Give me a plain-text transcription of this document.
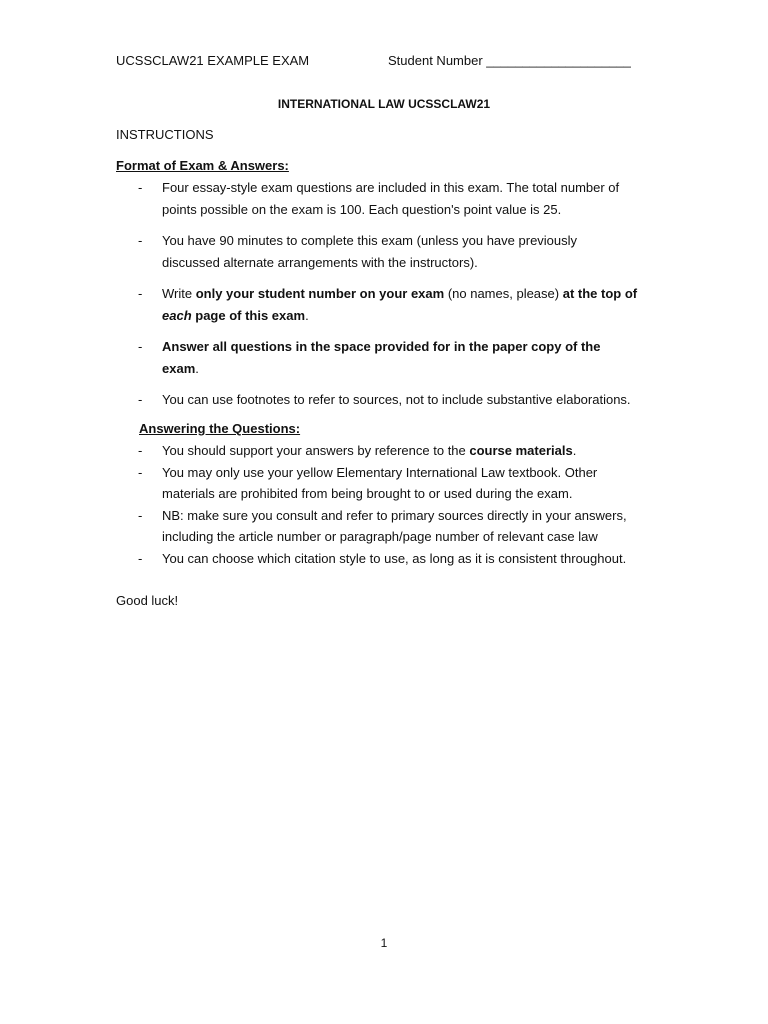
UCSSCLAW21 EXAMPLE EXAM	Student Number ____________________
INTERNATIONAL LAW UCSSCLAW21
INSTRUCTIONS
Format of Exam & Answers:
- Four essay-style exam questions are included in this exam. The total number of points possible on the exam is 100. Each question's point value is 25.
- You have 90 minutes to complete this exam (unless you have previously discussed alternate arrangements with the instructors).
- Write only your student number on your exam (no names, please) at the top of each page of this exam.
- Answer all questions in the space provided for in the paper copy of the exam.
- You can use footnotes to refer to sources, not to include substantive elaborations.
Answering the Questions:
- You should support your answers by reference to the course materials.
- You may only use your yellow Elementary International Law textbook. Other materials are prohibited from being brought to or used during the exam.
- NB: make sure you consult and refer to primary sources directly in your answers, including the article number or paragraph/page number of relevant case law
- You can choose which citation style to use, as long as it is consistent throughout.
Good luck!
1
